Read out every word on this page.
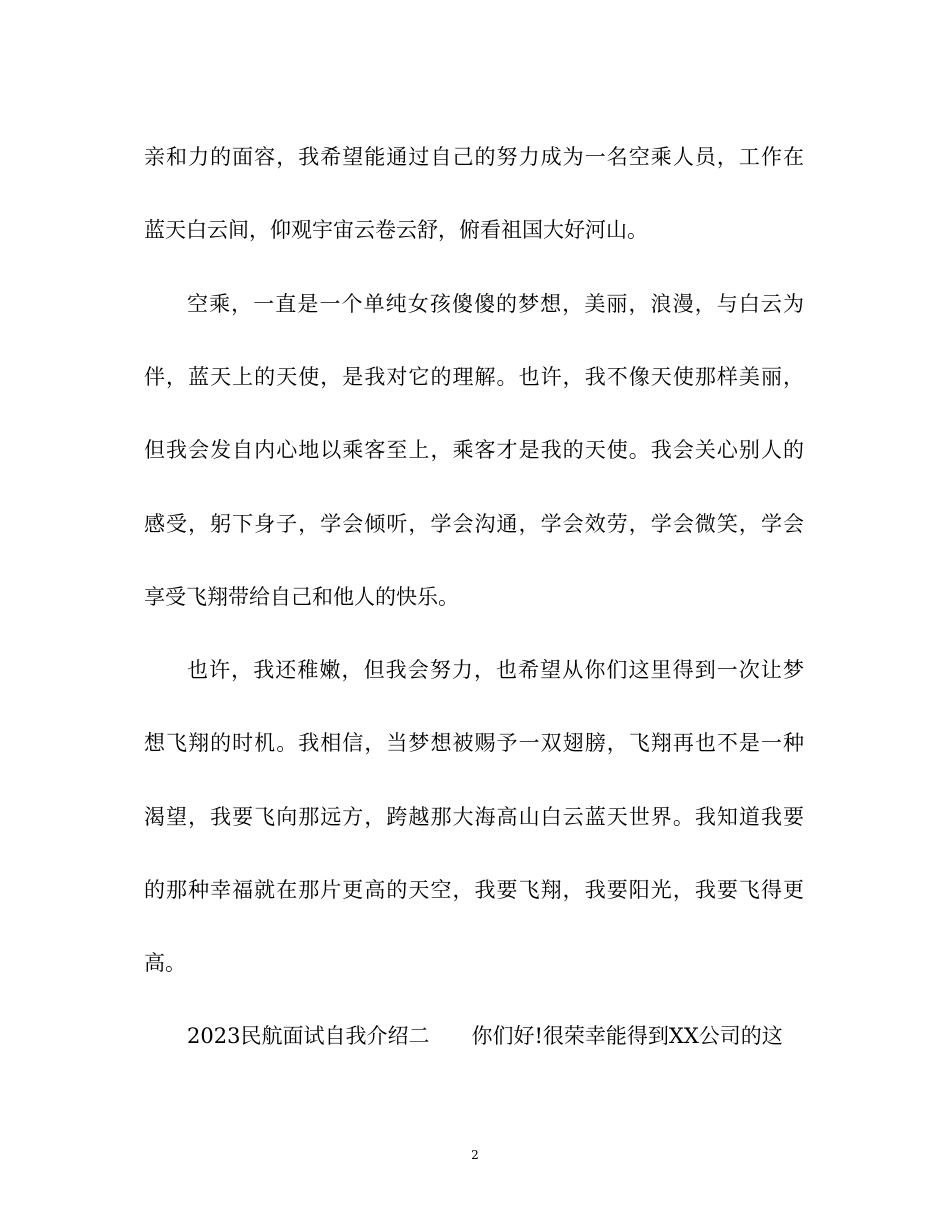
亲和力的面容，我希望能通过自己的努力成为一名空乘人员，工作在
蓝天白云间，仰观宇宙云卷云舒，俯看祖国大好河山。
空乘，一直是一个单纯女孩傻傻的梦想，美丽，浪漫，与白云为
伴，蓝天上的天使，是我对它的理解。也许，我不像天使那样美丽，
但我会发自内心地以乘客至上，乘客才是我的天使。我会关心别人的
感受，躬下身子，学会倾听，学会沟通，学会效劳，学会微笑，学会
享受飞翔带给自己和他人的快乐。
也许，我还稚嫩，但我会努力，也希望从你们这里得到一次让梦
想飞翔的时机。我相信，当梦想被赐予一双翅膀，飞翔再也不是一种
渴望，我要飞向那远方，跨越那大海高山白云蓝天世界。我知道我要
的那种幸福就在那片更高的天空，我要飞翔，我要阳光，我要飞得更
高。
2023民航面试自我介绍二　　你们好!很荣幸能得到XX公司的这
2
